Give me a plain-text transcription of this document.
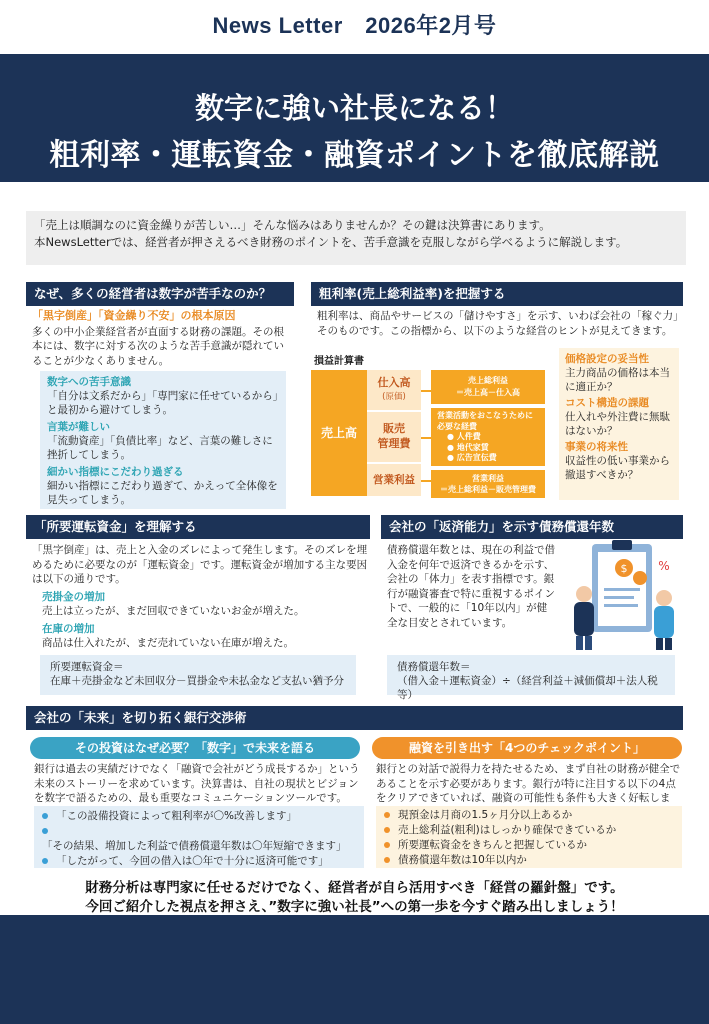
News Letter　2026年2月号
数字に強い社長になる！
粗利率・運転資金・融資ポイントを徹底解説
「売上は順調なのに資金繰りが苦しい…」そんな悩みはありませんか？その鍵は決算書にあります。
本NewsLetterでは、経営者が押さえるべき財務のポイントを、苦手意識を克服しながら学べるように解説します。
なぜ、多くの経営者は数字が苦手なのか？
「黒字倒産」「資金繰り不安」の根本原因
多くの中小企業経営者が直面する財務の課題。その根本には、数字に対する次のような苦手意識が隠れていることが少なくありません。
数字への苦手意識
「自分は文系だから」「専門家に任せているから」と最初から避けてしまう。
言葉が難しい
「流動資産」「負債比率」など、言葉の難しさに挫折してしまう。
細かい指標にこだわり過ぎる
細かい指標にこだわり過ぎて、かえって全体像を見失ってしまう。
粗利率(売上総利益率)を把握する
粗利率は、商品やサービスの「儲けやすさ」を示す、いわば会社の「稼ぐ力」そのものです。この指標から、以下のような経営のヒントが見えてきます。
損益計算書
売上高
仕入高
(原価)
販売
管理費
営業利益
売上総利益
＝売上高－仕入高
営業活動をおこなうために
必要な経費
● 人件費
● 地代家賃
● 広告宣伝費
営業利益
＝売上総利益－販売管理費
価格設定の妥当性
主力商品の価格は本当に適正か？
コスト構造の課題
仕入れや外注費に無駄はないか？
事業の将来性
収益性の低い事業から撤退すべきか？
「所要運転資金」を理解する
「黒字倒産」は、売上と入金のズレによって発生します。そのズレを埋めるために必要なのが「運転資金」です。運転資金が増加する主な要因は以下の通りです。
売掛金の増加
売上は立ったが、まだ回収できていないお金が増えた。
在庫の増加
商品は仕入れたが、まだ売れていない在庫が増えた。
所要運転資金＝
在庫＋売掛金など未回収分－買掛金や未払金など支払い猶予分
会社の「返済能力」を示す債務償還年数
債務償還年数とは、現在の利益で借入金を何年で返済できるかを示す、会社の「体力」を表す指標です。銀行が融資審査で特に重視するポイントで、一般的に「10年以内」が健全な目安とされています。
$	%
債務償還年数＝
（借入金＋運転資金）÷（経営利益＋減価償却＋法人税等）
会社の「未来」を切り拓く銀行交渉術
その投資はなぜ必要？「数字」で未来を語る
銀行は過去の実績だけでなく「融資で会社がどう成長するか」という未来のストーリーを求めています。決算書は、自社の現状とビジョンを数字で語るための、最も重要なコミュニケーションツールです。
「この設備投資によって粗利率が〇%改善します」
「その結果、増加した利益で債務償還年数は〇年短縮できます」
「したがって、今回の借入は〇年で十分に返済可能です」
融資を引き出す「4つのチェックポイント」
銀行との対話で説得力を持たせるため、まず自社の財務が健全であることを示す必要があります。銀行が特に注目する以下の4点をクリアできていれば、融資の可能性も条件も大きく好転しま
現預金は月商の1.5ヶ月分以上あるか
売上総利益(粗利)はしっかり確保できているか
所要運転資金をきちんと把握しているか
債務償還年数は10年以内か
財務分析は専門家に任せるだけでなく、経営者が自ら活用すべき「経営の羅針盤」です。
今回ご紹介した視点を押さえ、”数字に強い社長”への第一歩を今すぐ踏み出しましょう！
